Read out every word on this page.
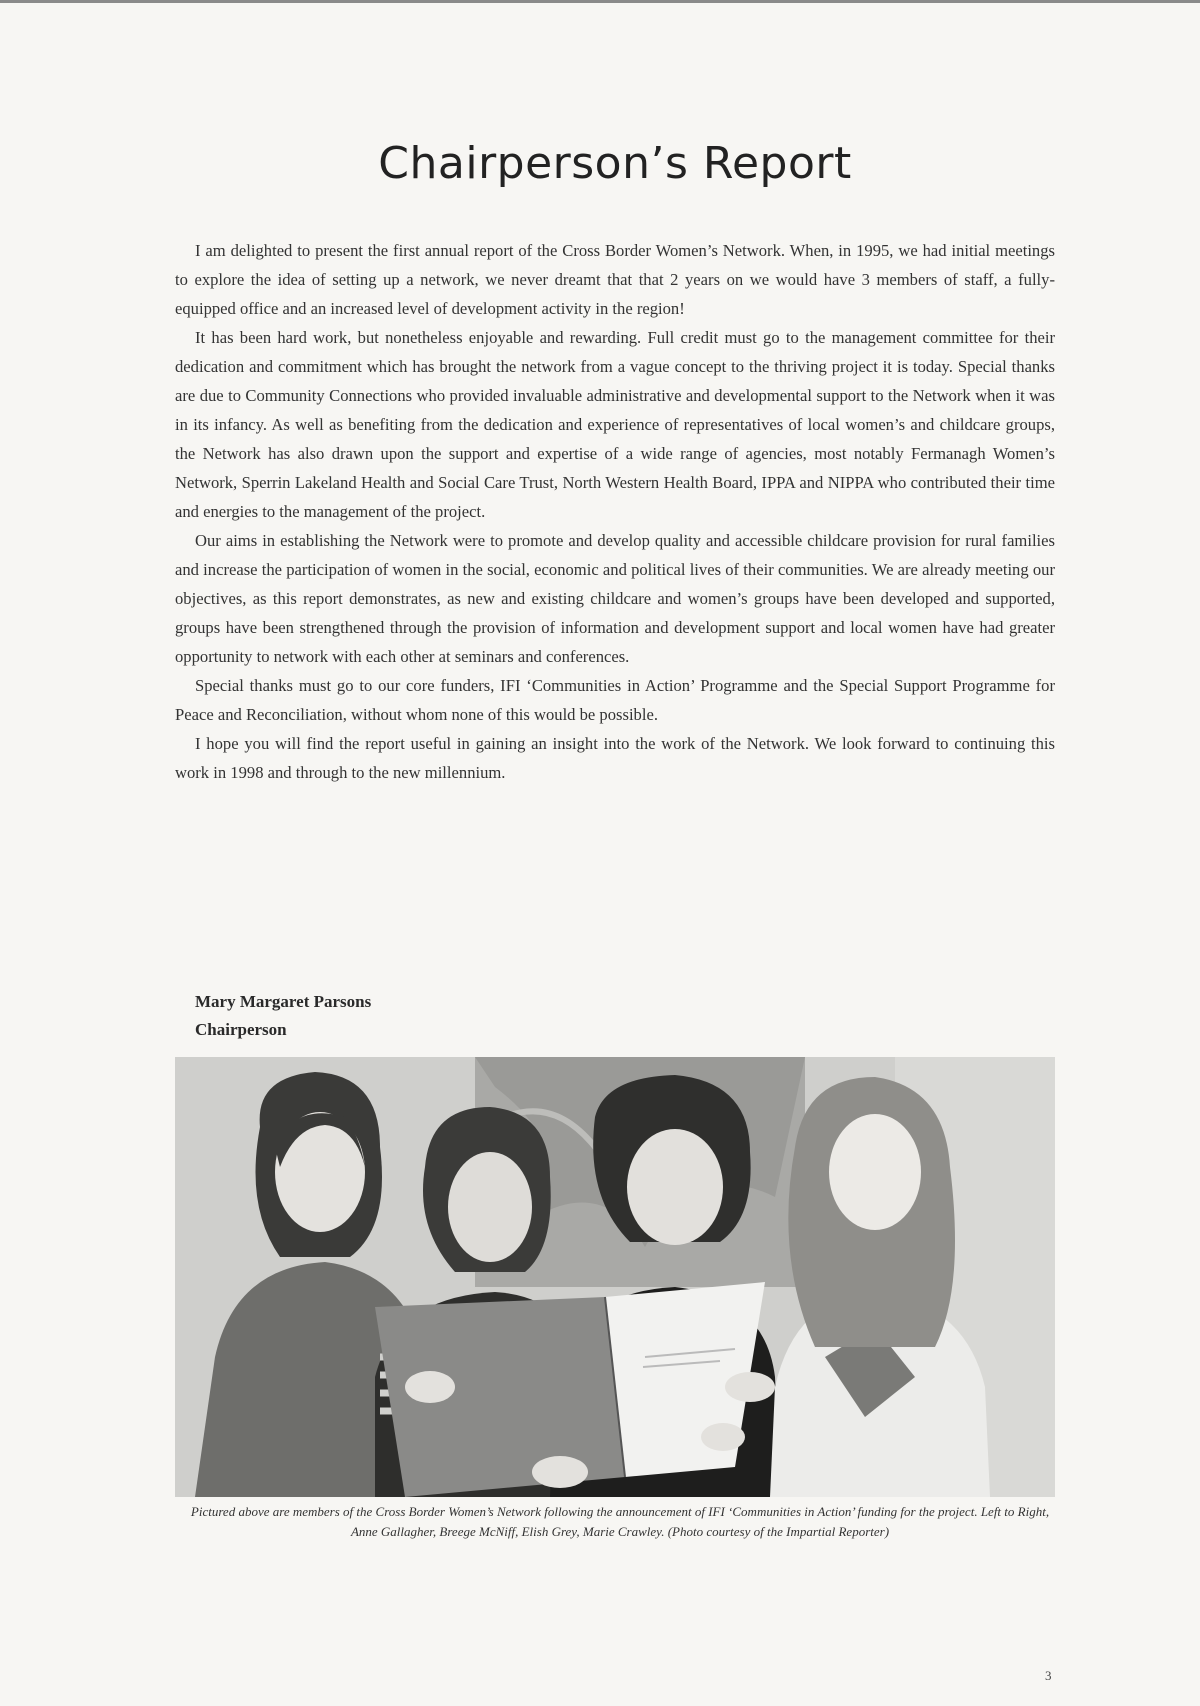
Chairperson’s Report

I am delighted to present the first annual report of the Cross Border Women’s Network. When, in 1995, we had initial meetings to explore the idea of setting up a network, we never dreamt that that 2 years on we would have 3 members of staff, a fully-equipped office and an increased level of development activity in the region!

It has been hard work, but nonetheless enjoyable and rewarding. Full credit must go to the management committee for their dedication and commitment which has brought the network from a vague concept to the thriving project it is today. Special thanks are due to Community Connections who provided invaluable administrative and developmental support to the Network when it was in its infancy. As well as benefiting from the dedication and experience of representatives of local women’s and childcare groups, the Network has also drawn upon the support and expertise of a wide range of agencies, most notably Fermanagh Women’s Network, Sperrin Lakeland Health and Social Care Trust, North Western Health Board, IPPA and NIPPA who contributed their time and energies to the management of the project.

Our aims in establishing the Network were to promote and develop quality and accessible childcare provision for rural families and increase the participation of women in the social, economic and political lives of their communities. We are already meeting our objectives, as this report demonstrates, as new and existing childcare and women’s groups have been developed and supported, groups have been strengthened through the provision of information and development support and local women have had greater opportunity to network with each other at seminars and conferences.

Special thanks must go to our core funders, IFI ‘Communities in Action’ Programme and the Special Support Programme for Peace and Reconciliation, without whom none of this would be possible.

I hope you will find the report useful in gaining an insight into the work of the Network. We look forward to continuing this work in 1998 and through to the new millennium.

Mary Margaret Parsons
Chairperson
Pictured above are members of the Cross Border Women’s Network following the announcement of IFI ‘Communities in Action’ funding for the project. Left to Right, Anne Gallagher, Breege McNiff, Elish Grey, Marie Crawley. (Photo courtesy of the Impartial Reporter)
3
